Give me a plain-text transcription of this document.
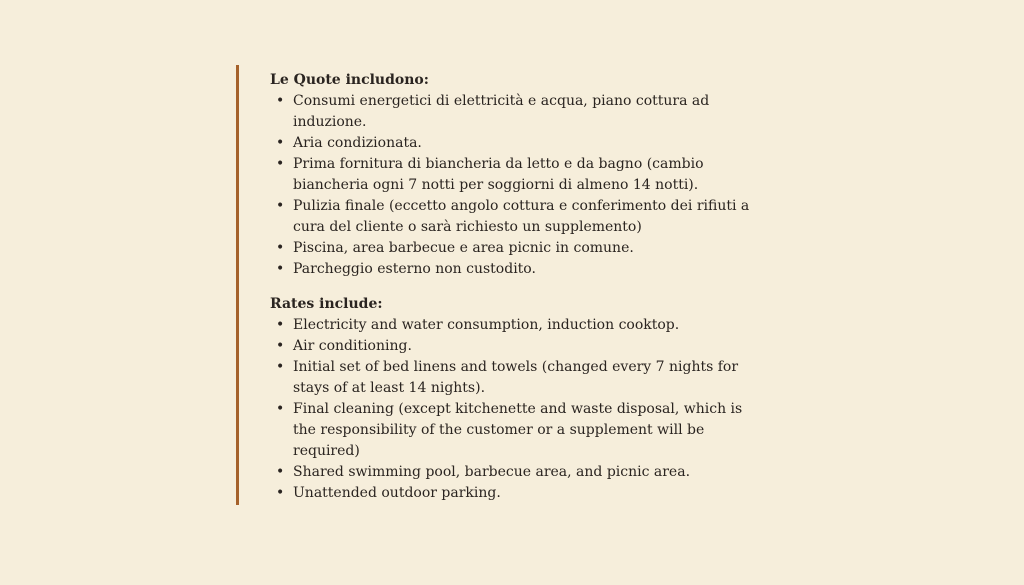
Le Quote includono:

• Consumi energetici di elettricità e acqua, piano cottura ad induzione.
• Aria condizionata.
• Prima fornitura di biancheria da letto e da bagno (cambio biancheria ogni 7 notti per soggiorni di almeno 14 notti).
• Pulizia finale (eccetto angolo cottura e conferimento dei rifiuti a cura del cliente o sarà richiesto un supplemento)
• Piscina, area barbecue e area picnic in comune.
• Parcheggio esterno non custodito.

Rates include:

• Electricity and water consumption, induction cooktop.
• Air conditioning.
• Initial set of bed linens and towels (changed every 7 nights for stays of at least 14 nights).
• Final cleaning (except kitchenette and waste disposal, which is the responsibility of the customer or a supplement will be required)
• Shared swimming pool, barbecue area, and picnic area.
• Unattended outdoor parking.
